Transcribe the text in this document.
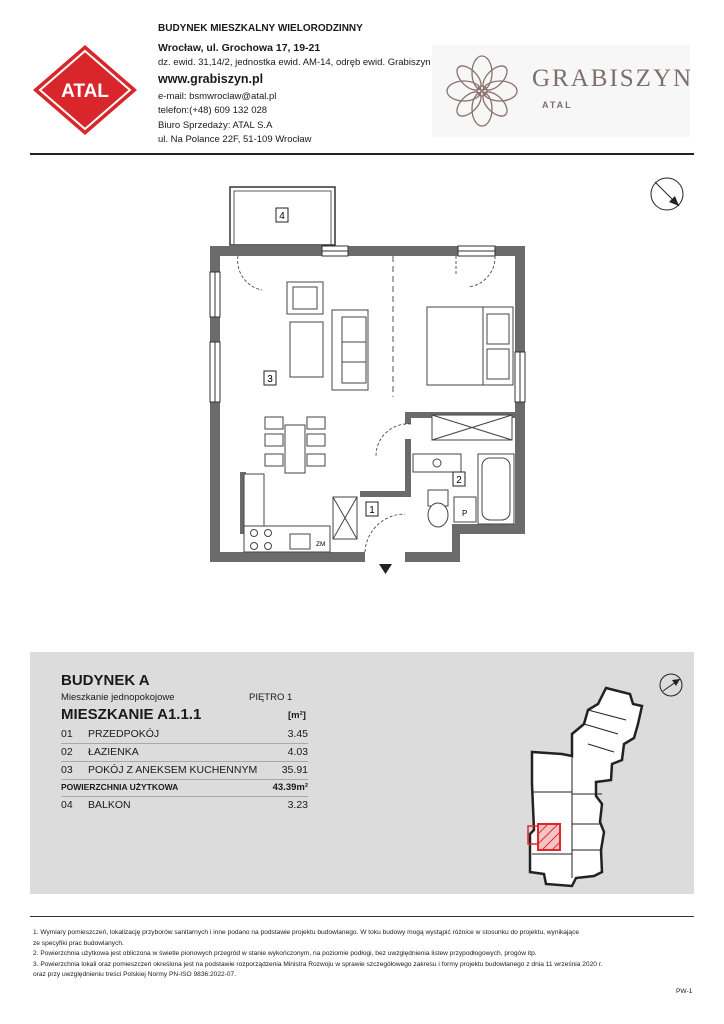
ATAL
BUDYNEK MIESZKALNY WIELORODZINNY
Wrocław, ul. Grochowa 17, 19-21
dz. ewid. 31,14/2, jednostka ewid. AM-14, odręb ewid. Grabiszyn
www.grabiszyn.pl
e-mail: bsmwroclaw@atal.pl
telefon:(+48) 609 132 028
Biuro Sprzedaży: ATAL S.A
ul. Na Polance 22F, 51-109 Wrocław
GRABISZYN
ATAL
P
ZM
1
2
3
4
BUDYNEK A
Mieszkanie jednopokojowe	PIĘTRO 1
MIESZKANIE A1.1.1	[m²]
01 PRZEDPOKÓJ	3.45
02 ŁAZIENKA	4.03
03 POKÓJ Z ANEKSEM KUCHENNYM 35.91
POWIERZCHNIA UŻYTKOWA	43.39m²
04 BALKON	3.23
1. Wymiary pomieszczeń, lokalizację przyborów sanitarnych i inne podano na podstawie projektu budowlanego. W toku budowy mogą wystąpić różnice w stosunku do projektu, wynikające
ze specyfiki prac budowlanych.
2. Powierzchnia użytkowa jest obliczona w świetle pionowych przegród w stanie wykończonym, na poziomie podłogi, bez uwzględnienia listew przypodłogowych, progów itp.
3. Powierzchnia lokali oraz pomieszczeń określona jest na podstawie rozporządzenia Ministra Rozwoju w sprawie szczegółowego zakresu i formy projektu budowlanego z dnia 11 września 2020 r.
oraz przy uwzględnieniu treści Polskiej Normy PN-ISO 9836:2022-07.
PW-1
